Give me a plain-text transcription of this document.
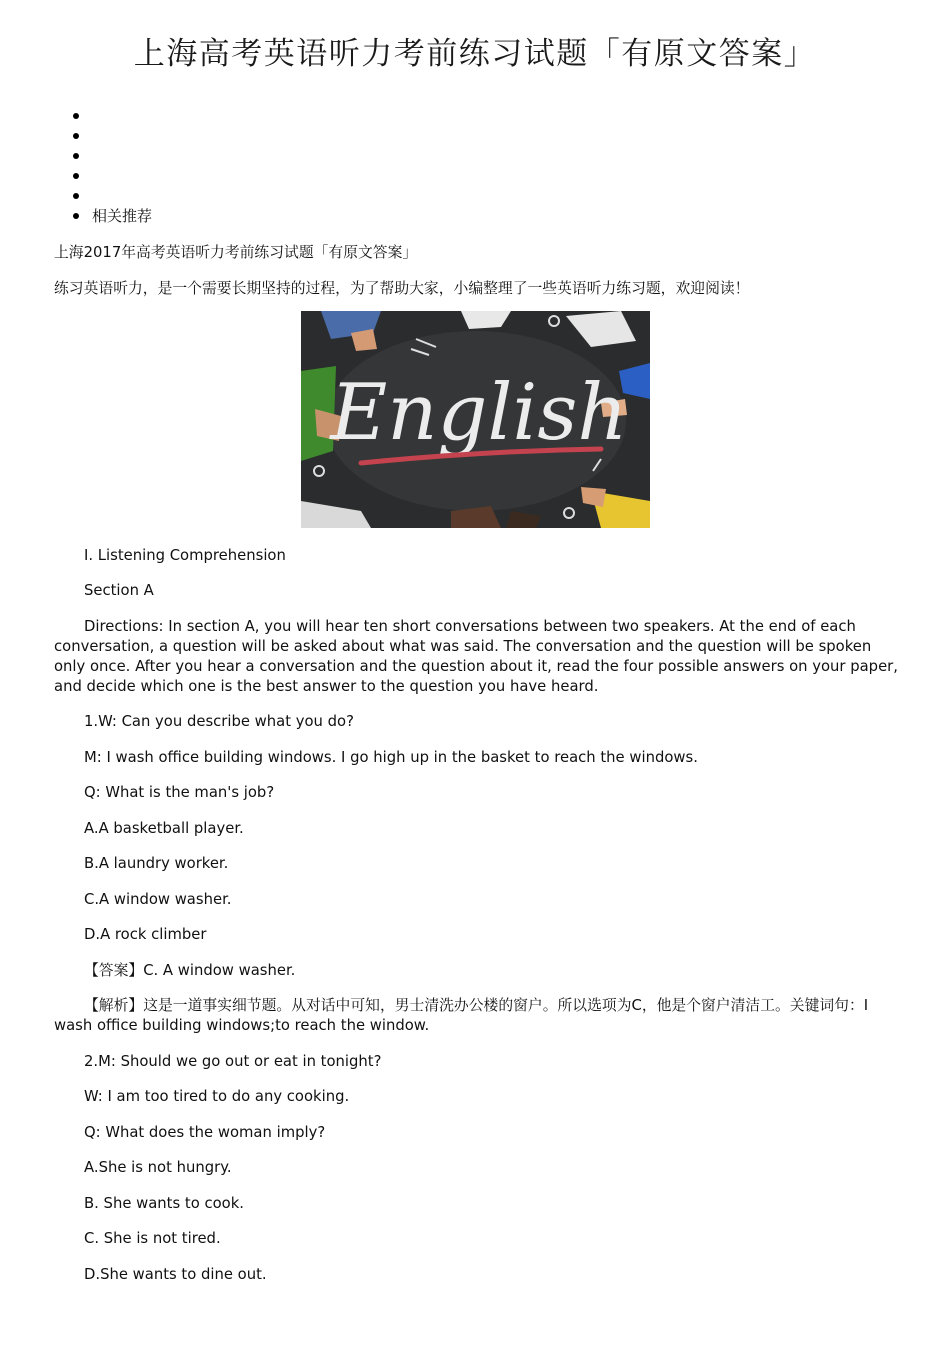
上海高考英语听力考前练习试题「有原文答案」
相关推荐
上海2017年高考英语听力考前练习试题「有原文答案」
练习英语听力，是一个需要长期坚持的过程，为了帮助大家，小编整理了一些英语听力练习题，欢迎阅读！
English
I. Listening Comprehension
Section A
Directions: In section A, you will hear ten short conversations between two speakers. At the end of each conversation, a question will be asked about what was said. The conversation and the question will be spoken only once. After you hear a conversation and the question about it, read the four possible answers on your paper, and decide which one is the best answer to the question you have heard.
1.W: Can you describe what you do?
M: I wash office building windows. I go high up in the basket to reach the windows.
Q: What is the man's job?
A.A basketball player.
B.A laundry worker.
C.A window washer.
D.A rock climber
【答案】C. A window washer.
【解析】这是一道事实细节题。从对话中可知，男士清洗办公楼的窗户。所以选项为C，他是个窗户清洁工。关键词句：I wash office building windows;to reach the window.
2.M: Should we go out or eat in tonight?
W: I am too tired to do any cooking.
Q: What does the woman imply?
A.She is not hungry.
B. She wants to cook.
C. She is not tired.
D.She wants to dine out.
